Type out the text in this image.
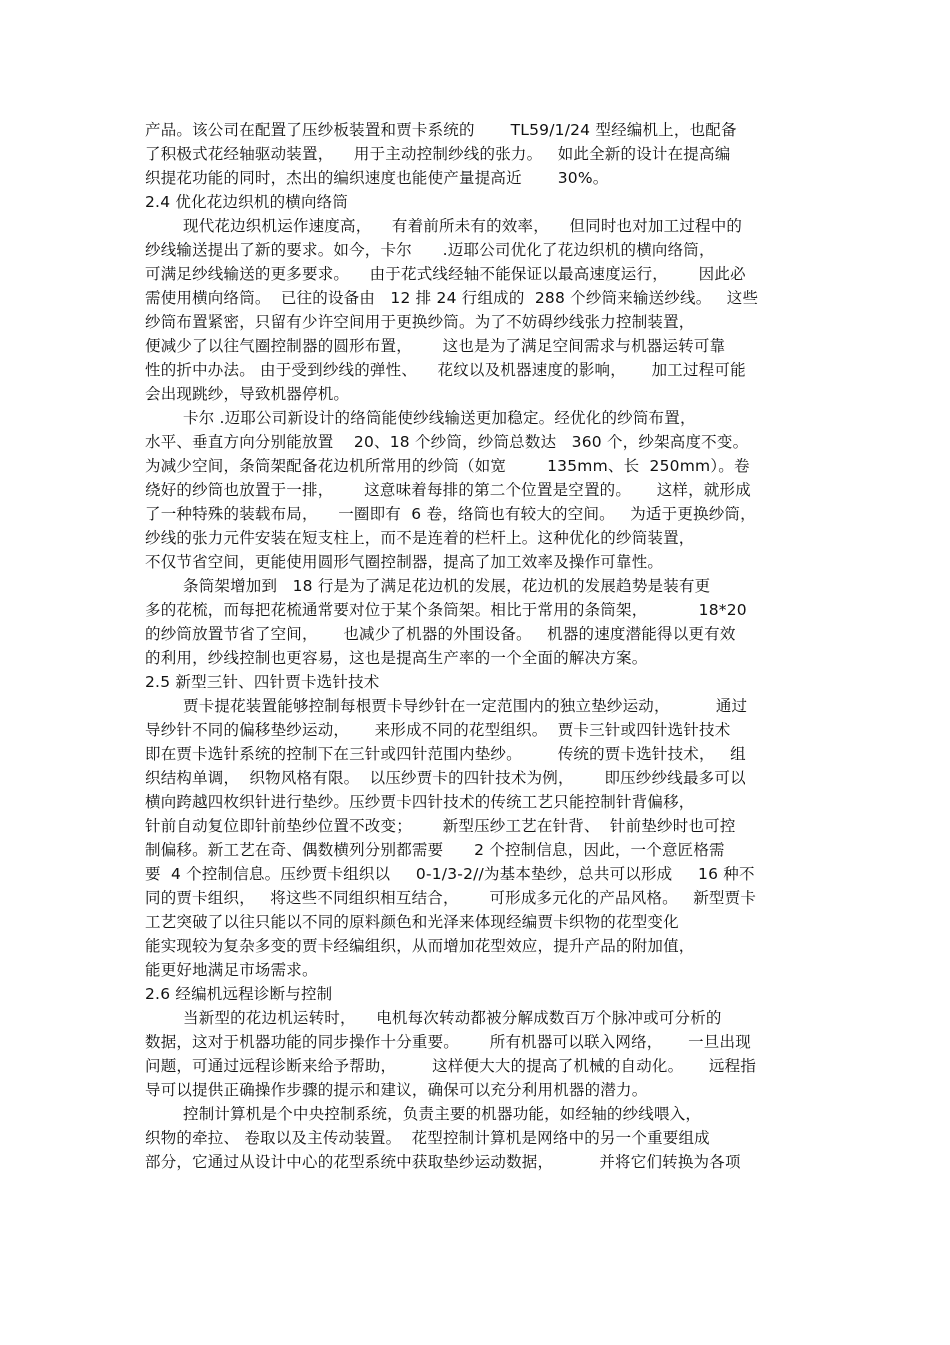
产品。该公司在配置了压纱板装置和贾卡系统的       TL59/1/24 型经编机上，也配备
了积极式花经轴驱动装置，    用于主动控制纱线的张力。   如此全新的设计在提高编
织提花功能的同时，杰出的编织速度也能使产量提高近       30%。
2.4 优化花边织机的横向络筒
现代花边织机运作速度高，    有着前所未有的效率，    但同时也对加工过程中的
纱线输送提出了新的要求。如今，卡尔      .迈耶公司优化了花边织机的横向络筒，
可满足纱线输送的更多要求。    由于花式线经轴不能保证以最高速度运行，      因此必
需使用横向络筒。  已往的设备由   12 排 24 行组成的  288 个纱筒来输送纱线。   这些
纱筒布置紧密，只留有少许空间用于更换纱筒。为了不妨碍纱线张力控制装置，
便减少了以往气圈控制器的圆形布置，      这也是为了满足空间需求与机器运转可靠
性的折中办法。 由于受到纱线的弹性、    花纹以及机器速度的影响，     加工过程可能
会出现跳纱，导致机器停机。
卡尔 .迈耶公司新设计的络筒能使纱线输送更加稳定。经优化的纱筒布置，
水平、垂直方向分别能放置    20、18 个纱筒，纱筒总数达   360 个，纱架高度不变。
为减少空间，条筒架配备花边机所常用的纱筒（如宽        135mm、长  250mm）。卷
绕好的纱筒也放置于一排，      这意味着每排的第二个位置是空置的。     这样，就形成
了一种特殊的装载布局，    一圈即有  6 卷，络筒也有较大的空间。   为适于更换纱筒，
纱线的张力元件安装在短支柱上，而不是连着的栏杆上。这种优化的纱筒装置，
不仅节省空间，更能使用圆形气圈控制器，提高了加工效率及操作可靠性。
条筒架增加到   18 行是为了满足花边机的发展，花边机的发展趋势是装有更
多的花梳，而每把花梳通常要对位于某个条筒架。相比于常用的条筒架，          18*20
的纱筒放置节省了空间，     也减少了机器的外围设备。   机器的速度潜能得以更有效
的利用，纱线控制也更容易，这也是提高生产率的一个全面的解决方案。
2.5 新型三针、四针贾卡选针技术
贾卡提花装置能够控制每根贾卡导纱针在一定范围内的独立垫纱运动，         通过
导纱针不同的偏移垫纱运动，     来形成不同的花型组织。  贾卡三针或四针选针技术
即在贾卡选针系统的控制下在三针或四针范围内垫纱。       传统的贾卡选针技术，   组
织结构单调，  织物风格有限。  以压纱贾卡的四针技术为例，      即压纱纱线最多可以
横向跨越四枚织针进行垫纱。压纱贾卡四针技术的传统工艺只能控制针背偏移，
针前自动复位即针前垫纱位置不改变；      新型压纱工艺在针背、  针前垫纱时也可控
制偏移。新工艺在奇、偶数横列分别都需要      2 个控制信息，因此，一个意匠格需
要  4 个控制信息。压纱贾卡组织以     0-1/3-2//为基本垫纱，总共可以形成     16 种不
同的贾卡组织，   将这些不同组织相互结合，      可形成多元化的产品风格。   新型贾卡
工艺突破了以往只能以不同的原料颜色和光泽来体现经编贾卡织物的花型变化
能实现较为复杂多变的贾卡经编组织，从而增加花型效应，提升产品的附加值，
能更好地满足市场需求。
2.6 经编机远程诊断与控制
当新型的花边机运转时，    电机每次转动都被分解成数百万个脉冲或可分析的
数据，这对于机器功能的同步操作十分重要。      所有机器可以联入网络，     一旦出现
问题，可通过远程诊断来给予帮助，       这样便大大的提高了机械的自动化。     远程指
导可以提供正确操作步骤的提示和建议，确保可以充分利用机器的潜力。
控制计算机是个中央控制系统，负责主要的机器功能，如经轴的纱线喂入，
织物的牵拉、 卷取以及主传动装置。  花型控制计算机是网络中的另一个重要组成
部分，它通过从设计中心的花型系统中获取垫纱运动数据，         并将它们转换为各项
